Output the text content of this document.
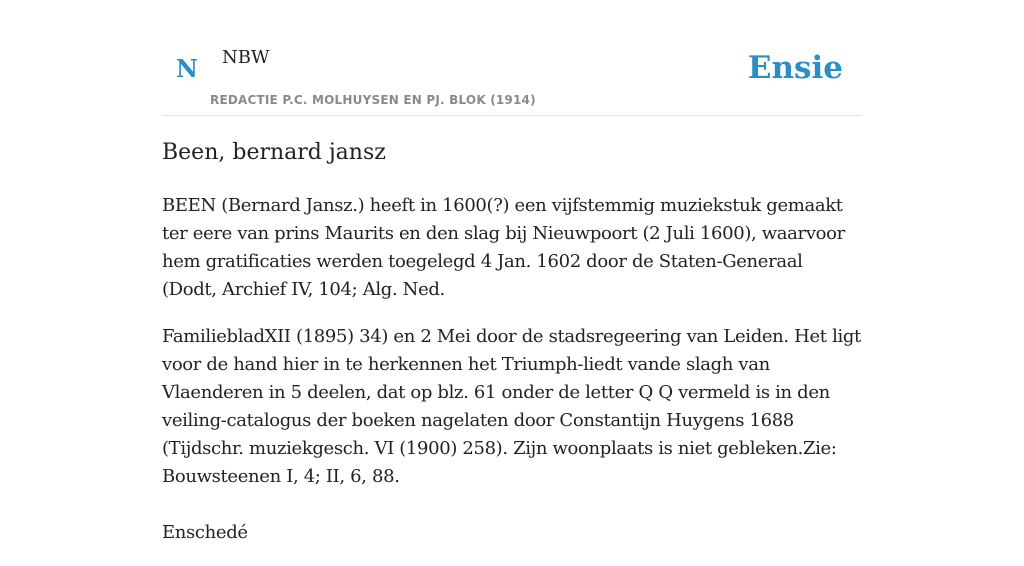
N NBW
REDACTIE P.C. MOLHUYSEN EN PJ. BLOK (1914)
Ensie
Been, bernard jansz

BEEN (Bernard Jansz.) heeft in 1600(?) een vijfstemmig muziekstuk gemaakt ter eere van prins Maurits en den slag bij Nieuwpoort (2 Juli 1600), waarvoor hem gratificaties werden toegelegd 4 Jan. 1602 door de Staten-Generaal (Dodt, Archief IV, 104; Alg. Ned.

FamiliebladXII (1895) 34) en 2 Mei door de stadsregeering van Leiden. Het ligt voor de hand hier in te herkennen het Triumph-liedt vande slagh van Vlaenderen in 5 deelen, dat op blz. 61 onder de letter Q Q vermeld is in den veiling-catalogus der boeken nagelaten door Constantijn Huygens 1688 (Tijdschr. muziekgesch. VI (1900) 258). Zijn woonplaats is niet gebleken.Zie: Bouwsteenen I, 4; II, 6, 88.

Enschedé
